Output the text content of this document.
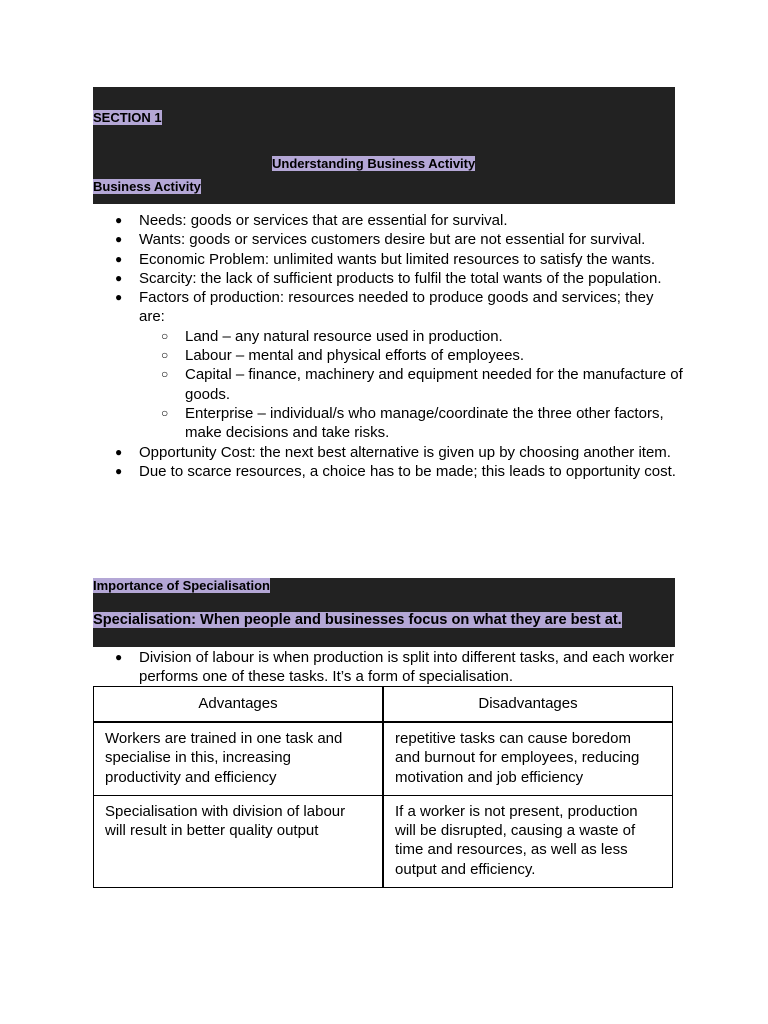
SECTION 1
Understanding Business Activity
Business Activity
● Needs: goods or services that are essential for survival.
● Wants: goods or services customers desire but are not essential for survival.
● Economic Problem: unlimited wants but limited resources to satisfy the wants.
● Scarcity: the lack of sufficient products to fulfil the total wants of the population.
● Factors of production: resources needed to produce goods and services; they are:
○ Land – any natural resource used in production.
○ Labour – mental and physical efforts of employees.
○ Capital – finance, machinery and equipment needed for the manufacture of goods.
○ Enterprise – individual/s who manage/coordinate the three other factors, make decisions and take risks.
● Opportunity Cost: the next best alternative is given up by choosing another item.
● Due to scarce resources, a choice has to be made; this leads to opportunity cost.
Importance of Specialisation
Specialisation: When people and businesses focus on what they are best at.
● Division of labour is when production is split into different tasks, and each worker performs one of these tasks. It’s a form of specialisation.
Advantages	Disadvantages
Workers are trained in one task and specialise in this, increasing productivity and efficiency	repetitive tasks can cause boredom and burnout for employees, reducing motivation and job efficiency
Specialisation with division of labour will result in better quality output	If a worker is not present, production will be disrupted, causing a waste of time and resources, as well as less output and efficiency.
